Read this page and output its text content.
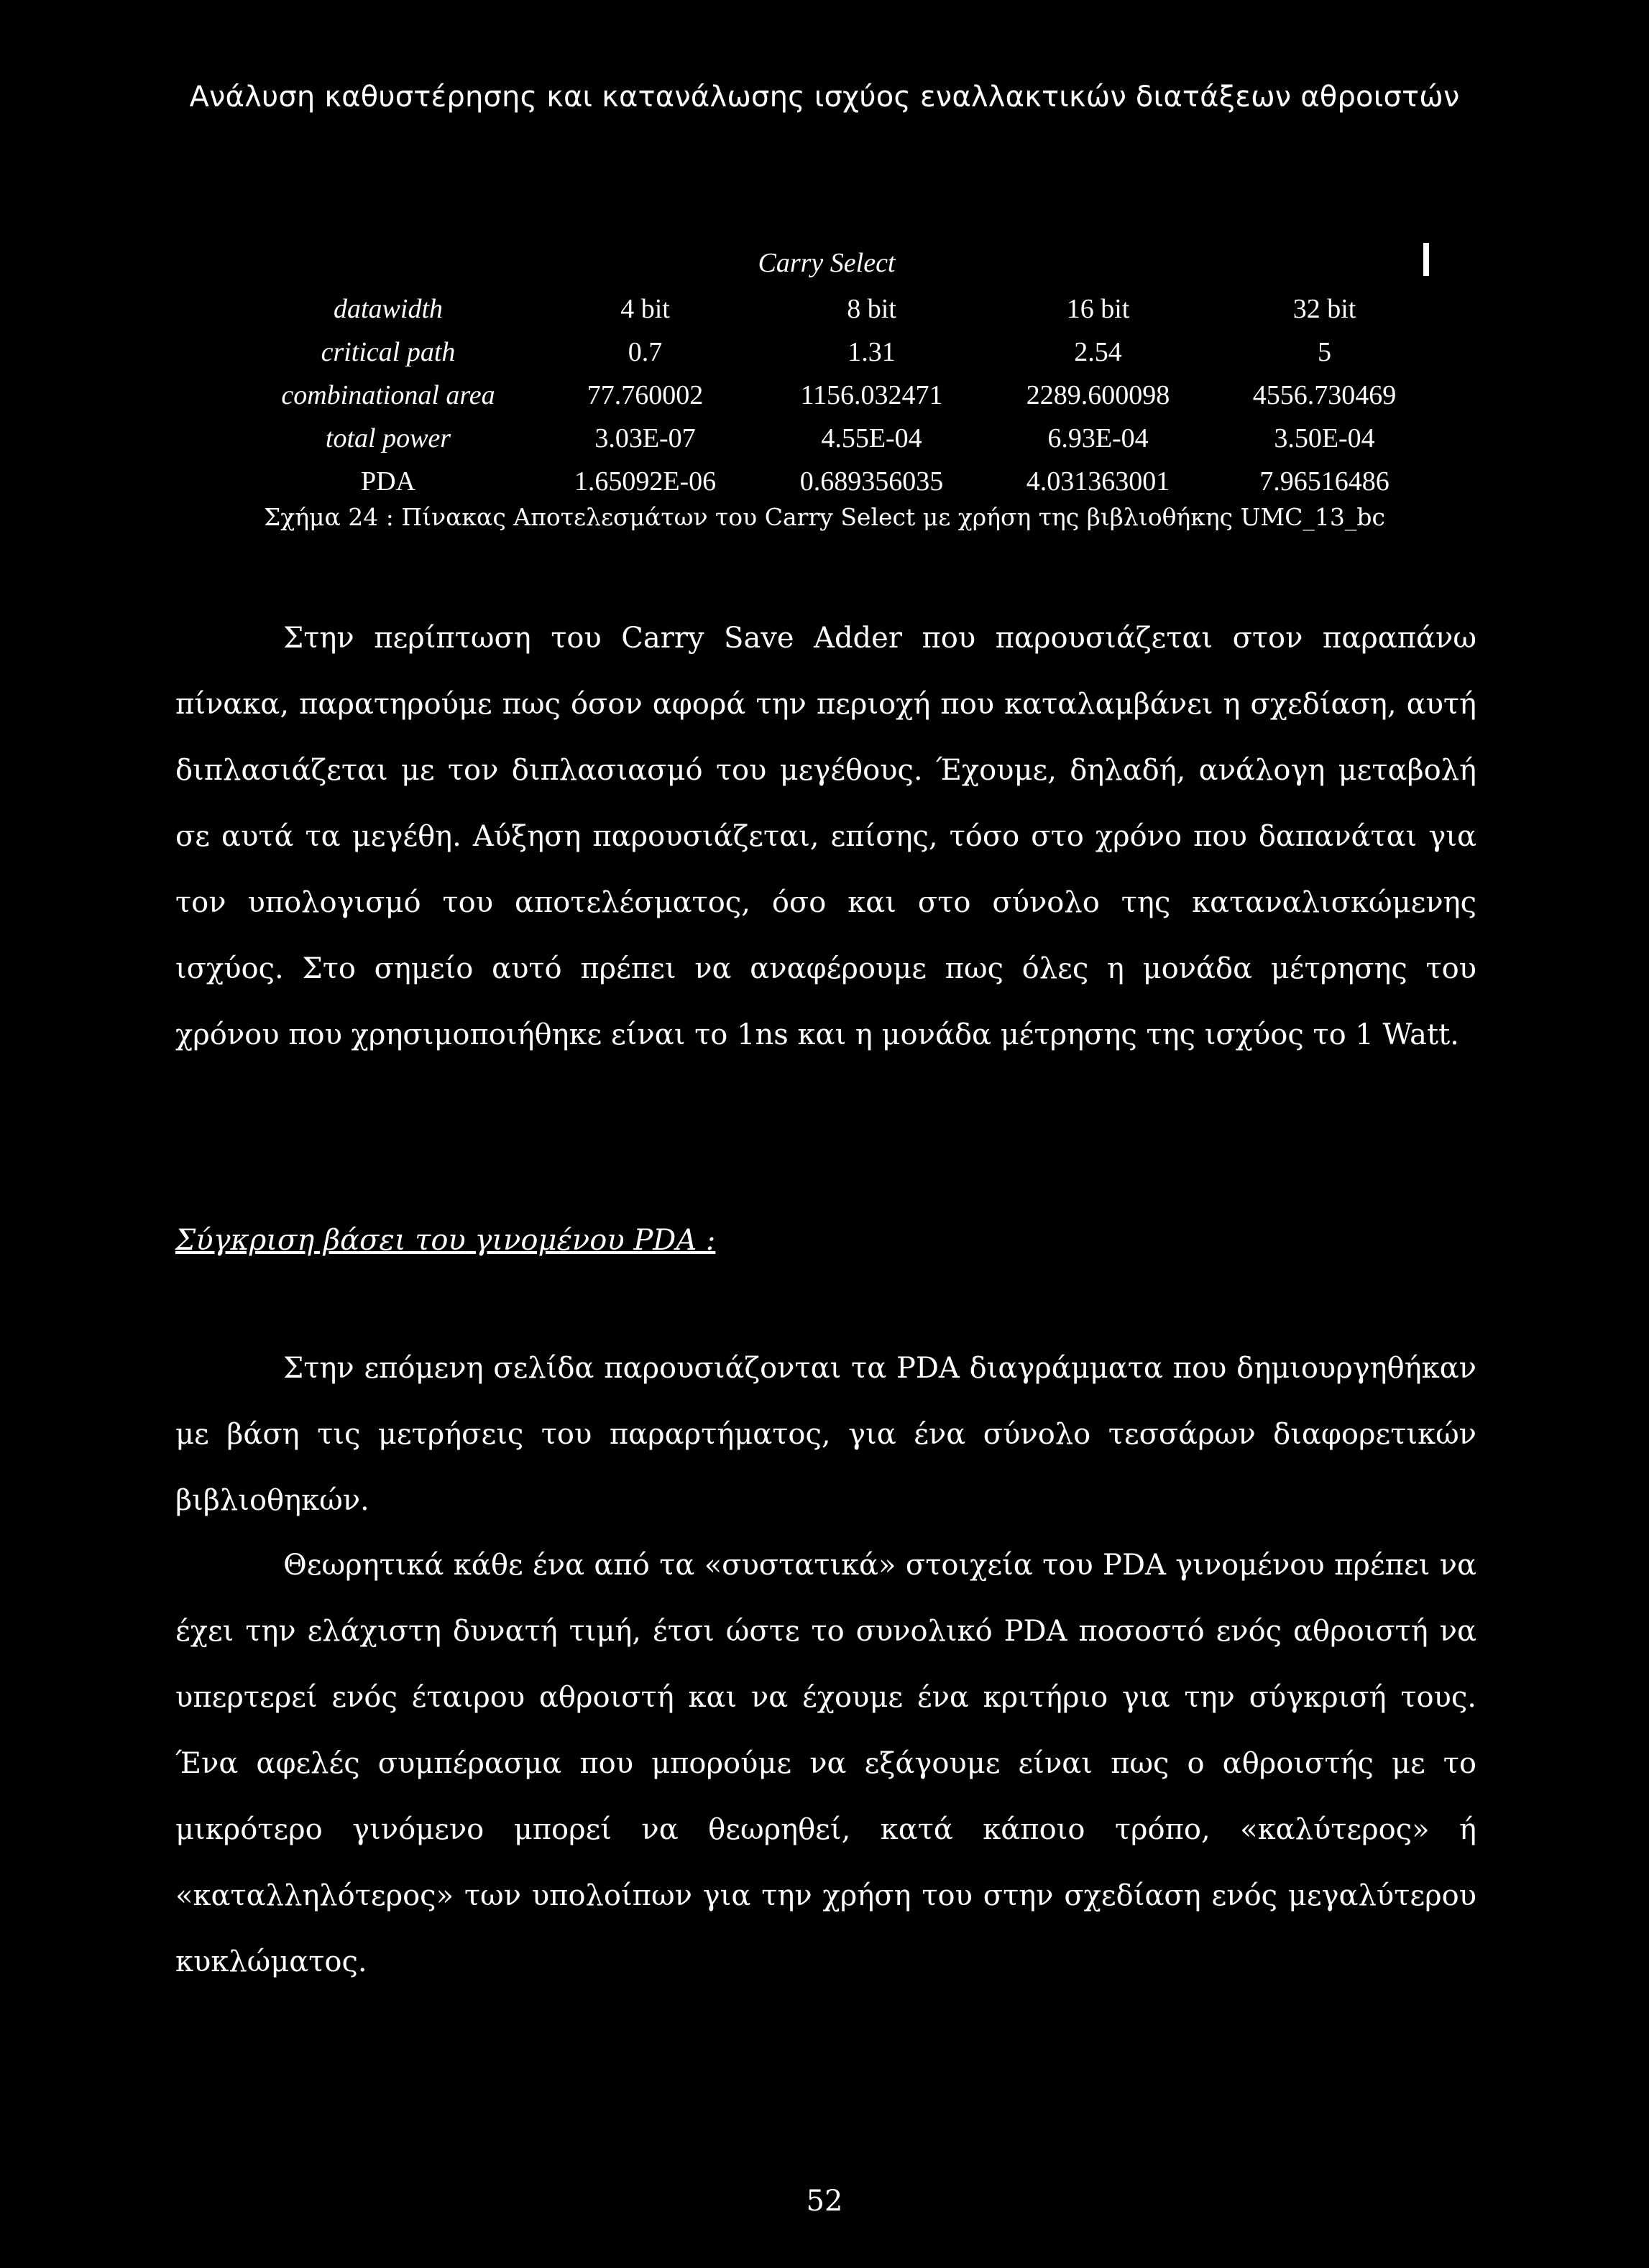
Ανάλυση καθυστέρησης και κατανάλωσης ισχύος εναλλακτικών διατάξεων αθροιστών
Carry Select
datawidth	4 bit	8 bit	16 bit	32 bit
critical path	0.7	1.31	2.54	5
combinational area	77.760002	1156.032471	2289.600098	4556.730469
total power	3.03E-07	4.55E-04	6.93E-04	3.50E-04
PDA	1.65092E-06	0.689356035	4.031363001	7.96516486
Σχήμα 24 : Πίνακας Αποτελεσμάτων του Carry Select με χρήση της βιβλιοθήκης UMC_13_bc

Στην περίπτωση του Carry Save Adder που παρουσιάζεται στον παραπάνω πίνακα, παρατηρούμε πως όσον αφορά την περιοχή που καταλαμβάνει η σχεδίαση, αυτή διπλασιάζεται με τον διπλασιασμό του μεγέθους. Έχουμε, δηλαδή, ανάλογη μεταβολή σε αυτά τα μεγέθη. Αύξηση παρουσιάζεται, επίσης, τόσο στο χρόνο που δαπανάται για τον υπολογισμό του αποτελέσματος, όσο και στο σύνολο της καταναλισκώμενης ισχύος. Στο σημείο αυτό πρέπει να αναφέρουμε πως όλες η μονάδα μέτρησης του χρόνου που χρησιμοποιήθηκε είναι το 1ns και η μονάδα μέτρησης της ισχύος το 1 Watt.

Σύγκριση βάσει του γινομένου PDA :

Στην επόμενη σελίδα παρουσιάζονται τα PDA διαγράμματα που δημιουργηθήκαν με βάση τις μετρήσεις του παραρτήματος, για ένα σύνολο τεσσάρων διαφορετικών βιβλιοθηκών.

Θεωρητικά κάθε ένα από τα «συστατικά» στοιχεία του PDA γινομένου πρέπει να έχει την ελάχιστη δυνατή τιμή, έτσι ώστε το συνολικό PDA ποσοστό ενός αθροιστή να υπερτερεί ενός έταιρου αθροιστή και να έχουμε ένα κριτήριο για την σύγκρισή τους. Ένα αφελές συμπέρασμα που μπορούμε να εξάγουμε είναι πως ο αθροιστής με το μικρότερο γινόμενο μπορεί να θεωρηθεί, κατά κάποιο τρόπο, «καλύτερος» ή «καταλληλότερος» των υπολοίπων για την χρήση του στην σχεδίαση ενός μεγαλύτερου κυκλώματος.

52
